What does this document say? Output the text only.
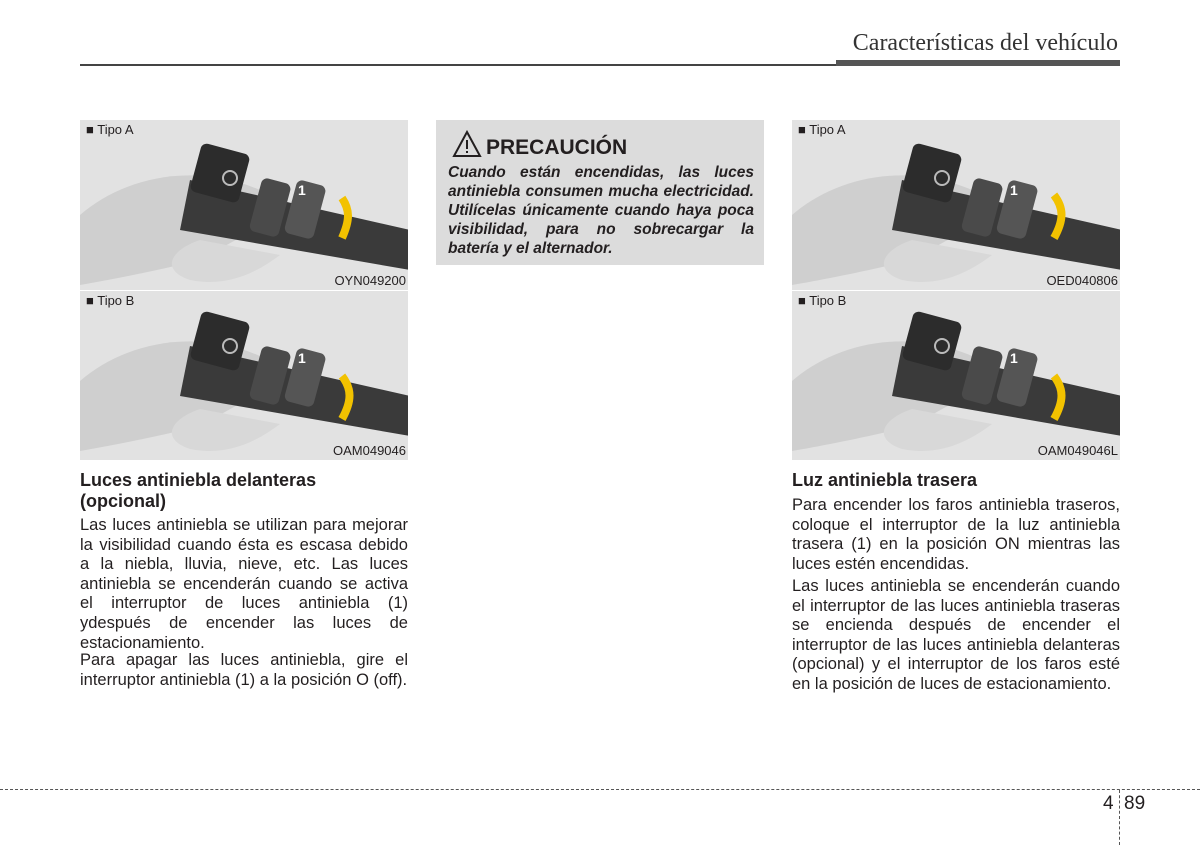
Características del vehículo
■ Tipo A
1
OYN049200
■ Tipo B
1
OAM049046
Luces antiniebla delanteras
(opcional)

Las luces antiniebla se utilizan para mejorar la visibilidad cuando ésta es escasa debido a la niebla, lluvia, nieve, etc. Las luces antiniebla se encenderán cuando se activa el interruptor de luces antiniebla (1) ydespués de encender las luces de estacionamiento.

Para apagar las luces antiniebla, gire el interruptor antiniebla (1) a la posición O (off).

PRECAUCIÓN

Cuando están encendidas, las luces antiniebla consumen mucha electricidad. Utilícelas únicamente cuando haya poca visibilidad, para no sobrecargar la batería y el alternador.

■ Tipo A
1
OED040806
■ Tipo B
1
OAM049046L
Luz antiniebla trasera

Para encender los faros antiniebla traseros, coloque el interruptor de la luz antiniebla trasera (1) en la posición ON mientras las luces estén encendidas.

Las luces antiniebla se encenderán cuando el interruptor de las luces antiniebla traseras se encienda después de encender el interruptor de las luces antiniebla delanteras (opcional) y el interruptor de los faros esté en la posición de luces de estacionamiento.

4 89
